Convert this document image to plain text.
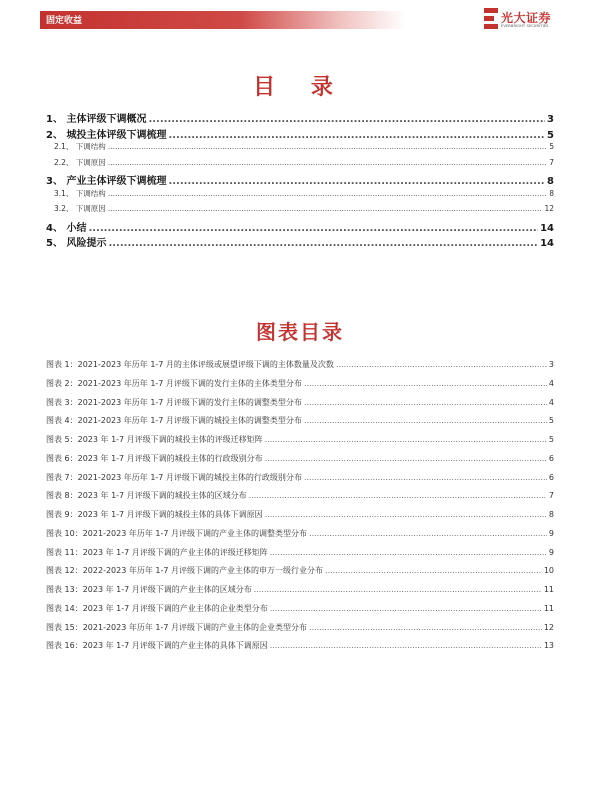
固定收益	光大证券
EVERBRIGHT SECURITIES
目 录
1、 主体评级下调概况 .....	3
2、 城投主体评级下调梳理 .....	5
2.1、 下调结构 .....	5
2.2、 下调原因 .....	7
3、 产业主体评级下调梳理 .....	8
3.1、 下调结构 .....	8
3.2、 下调原因 .....	12
4、 小结 .....	14
5、 风险提示 .....	14
图表目录
图表 1：2021-2023 年历年 1-7 月的主体评级或展望评级下调的主体数量及次数 .....	3
图表 2：2021-2023 年历年 1-7 月评级下调的发行主体的主体类型分布 .....	4
图表 3：2021-2023 年历年 1-7 月评级下调的发行主体的调整类型分布 .....	4
图表 4：2021-2023 年历年 1-7 月评级下调的城投主体的调整类型分布 .....	5
图表 5：2023 年 1-7 月评级下调的城投主体的评级迁移矩阵 .....	5
图表 6：2023 年 1-7 月评级下调的城投主体的行政级别分布 .....	6
图表 7：2021-2023 年历年 1-7 月评级下调的城投主体的行政级别分布 .....	6
图表 8：2023 年 1-7 月评级下调的城投主体的区域分布 .....	7
图表 9：2023 年 1-7 月评级下调的城投主体的具体下调原因 .....	8
图表 10：2021-2023 年历年 1-7 月评级下调的产业主体的调整类型分布 .....	9
图表 11：2023 年 1-7 月评级下调的产业主体的评级迁移矩阵 .....	9
图表 12：2022-2023 年历年 1-7 月评级下调的产业主体的申万一级行业分布 .....	10
图表 13：2023 年 1-7 月评级下调的产业主体的区域分布 .....	11
图表 14：2023 年 1-7 月评级下调的产业主体的企业类型分布 .....	11
图表 15：2021-2023 年历年 1-7 月评级下调的产业主体的企业类型分布 .....	12
图表 16：2023 年 1-7 月评级下调的产业主体的具体下调原因 .....	13
